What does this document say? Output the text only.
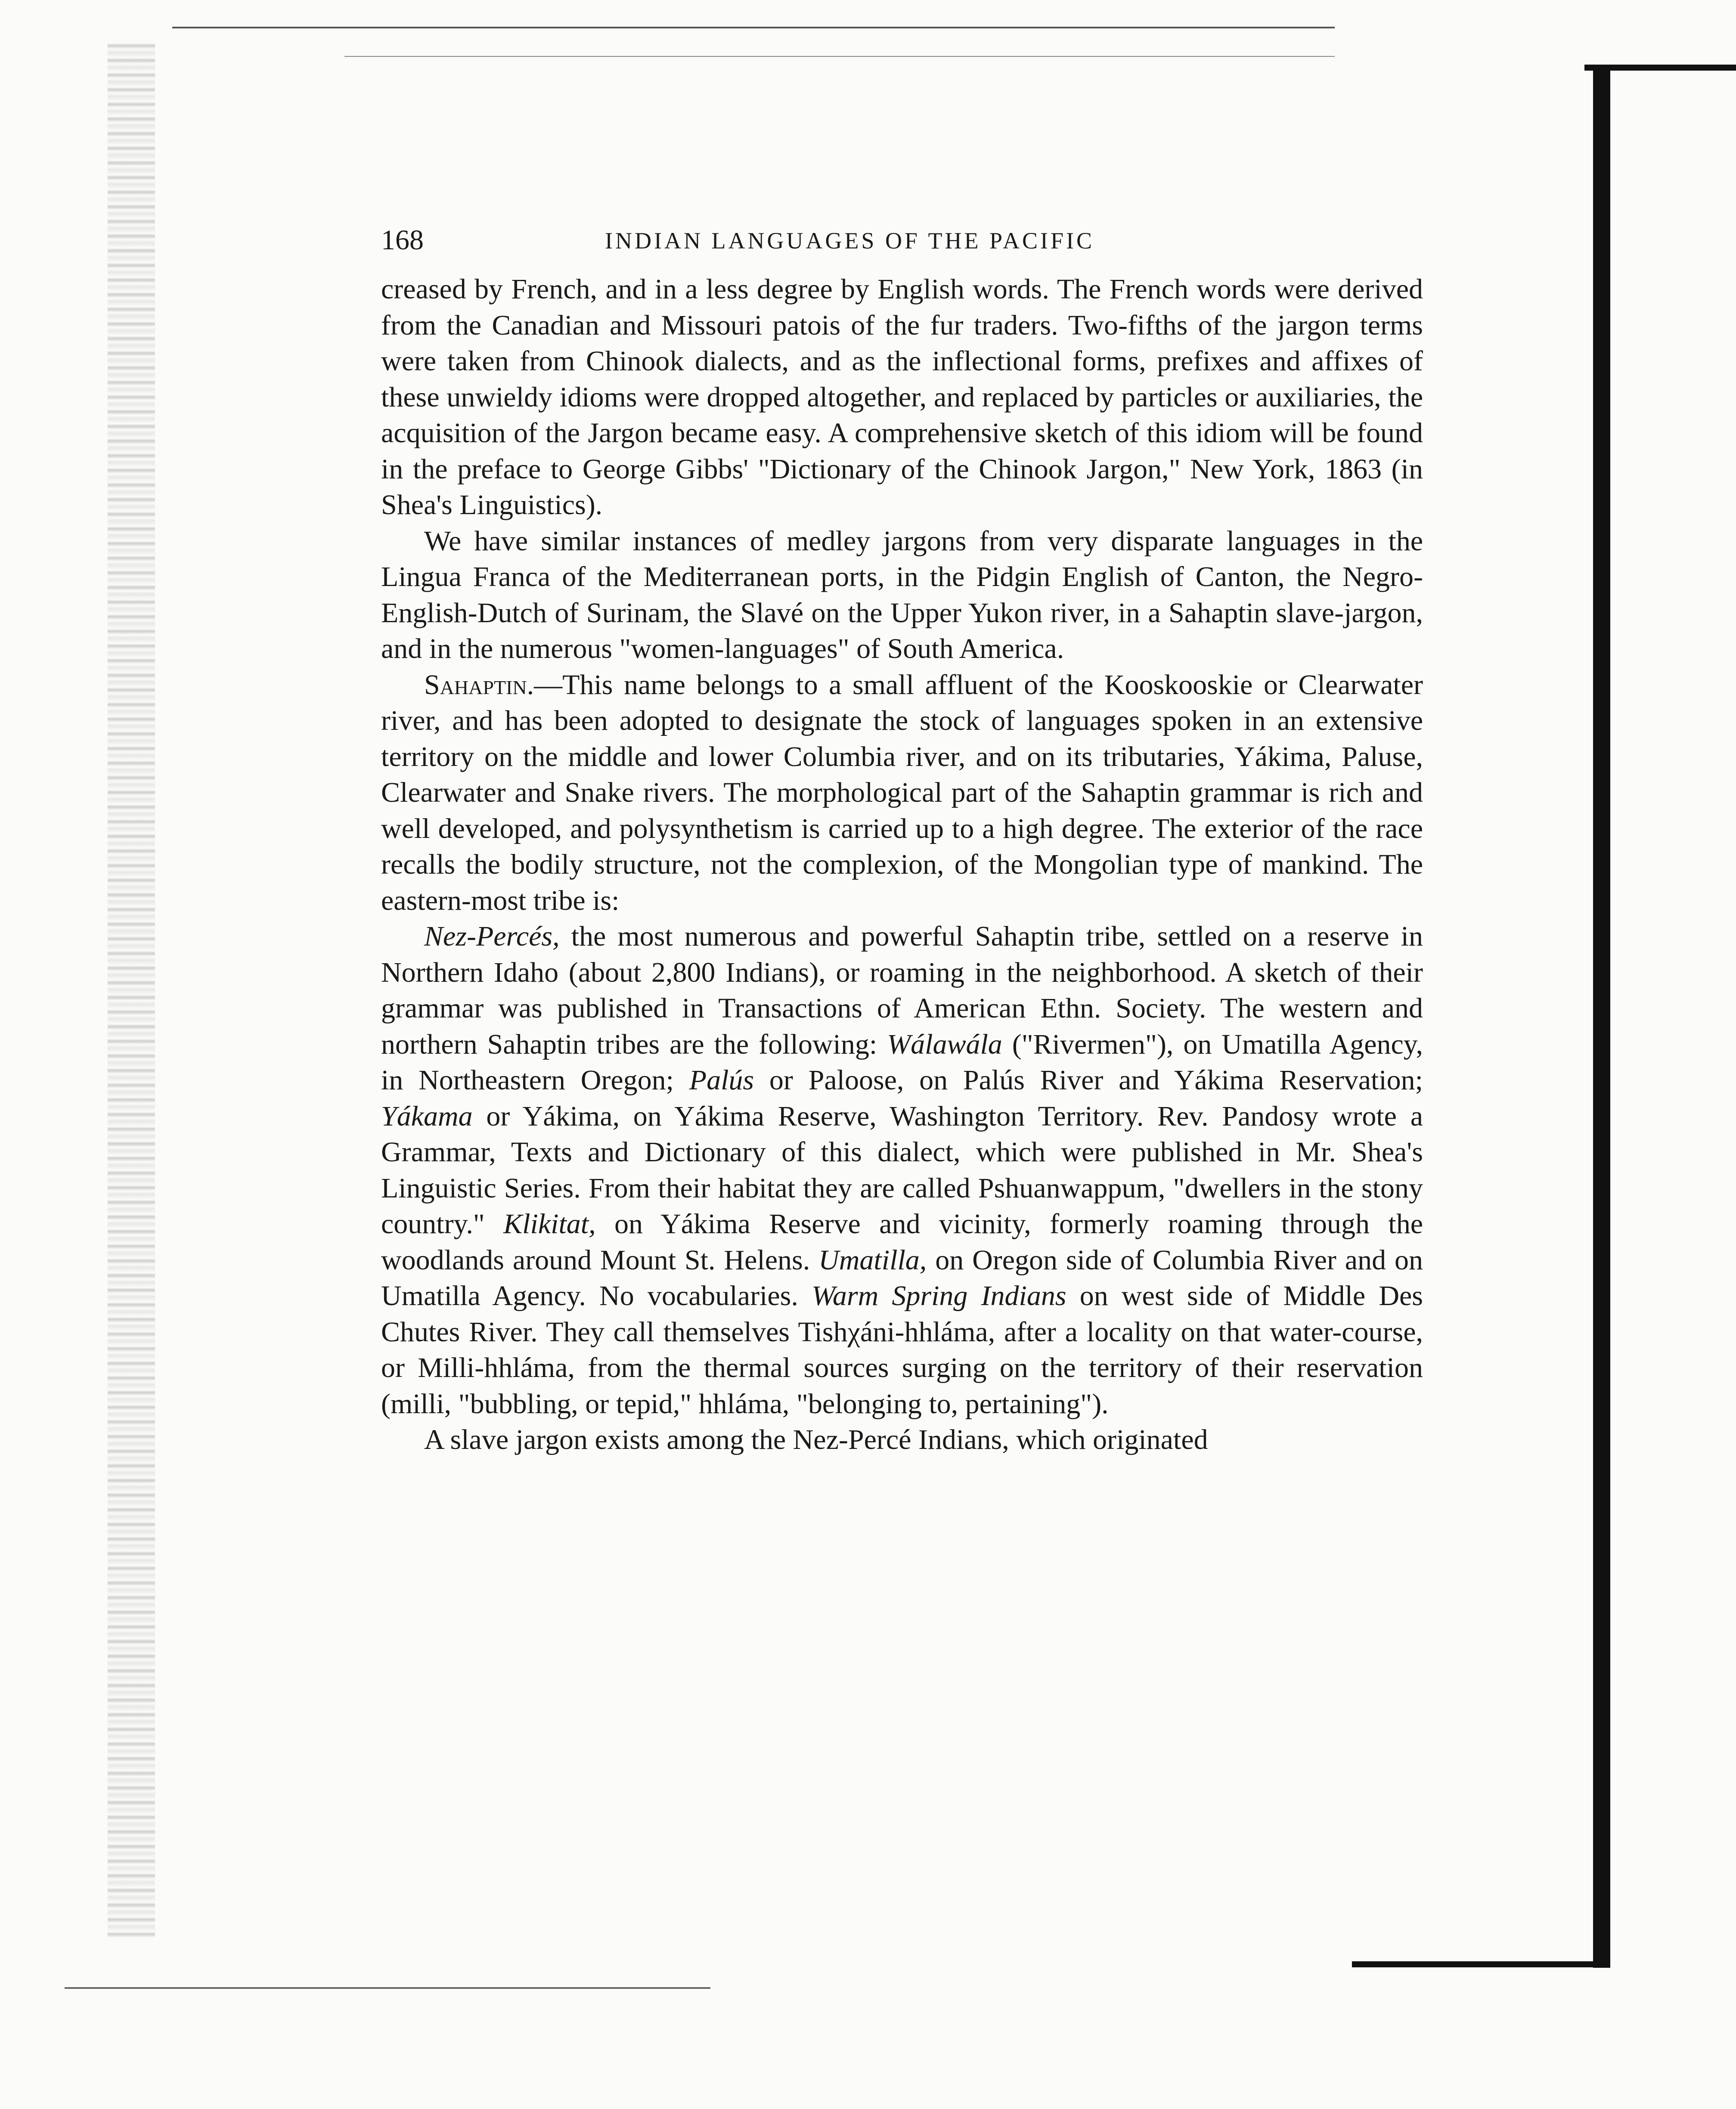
168	INDIAN LANGUAGES OF THE PACIFIC

creased by French, and in a less degree by English words. The French words were derived from the Canadian and Missouri patois of the fur traders. Two-fifths of the jargon terms were taken from Chinook dialects, and as the inflectional forms, prefixes and affixes of these unwieldy idioms were dropped altogether, and replaced by particles or auxiliaries, the acquisition of the Jargon became easy. A comprehensive sketch of this idiom will be found in the preface to George Gibbs' "Dictionary of the Chinook Jargon," New York, 1863 (in Shea's Linguistics).

We have similar instances of medley jargons from very disparate languages in the Lingua Franca of the Mediterranean ports, in the Pidgin English of Canton, the Negro-English-Dutch of Surinam, the Slavé on the Upper Yukon river, in a Sahaptin slave-jargon, and in the numerous "women-languages" of South America.

Sahaptin.—This name belongs to a small affluent of the Kooskooskie or Clearwater river, and has been adopted to designate the stock of languages spoken in an extensive territory on the middle and lower Columbia river, and on its tributaries, Yákima, Paluse, Clearwater and Snake rivers. The morphological part of the Sahaptin grammar is rich and well developed, and polysynthetism is carried up to a high degree. The exterior of the race recalls the bodily structure, not the complexion, of the Mongolian type of mankind. The eastern-most tribe is:

Nez-Percés, the most numerous and powerful Sahaptin tribe, settled on a reserve in Northern Idaho (about 2,800 Indians), or roaming in the neighborhood. A sketch of their grammar was published in Transactions of American Ethn. Society. The western and northern Sahaptin tribes are the following: Wálawála ("Rivermen"), on Umatilla Agency, in Northeastern Oregon; Palús or Paloose, on Palús River and Yákima Reservation; Yákama or Yákima, on Yákima Reserve, Washington Territory. Rev. Pandosy wrote a Grammar, Texts and Dictionary of this dialect, which were published in Mr. Shea's Linguistic Series. From their habitat they are called Pshuanwappum, "dwellers in the stony country." Klikitat, on Yákima Reserve and vicinity, formerly roaming through the woodlands around Mount St. Helens. Umatilla, on Oregon side of Columbia River and on Umatilla Agency. No vocabularies. Warm Spring Indians on west side of Middle Des Chutes River. They call themselves Tishχáni-hhláma, after a locality on that water-course, or Milli-hhláma, from the thermal sources surging on the territory of their reservation (milli, "bubbling, or tepid," hhláma, "belonging to, pertaining").

A slave jargon exists among the Nez-Percé Indians, which originated
